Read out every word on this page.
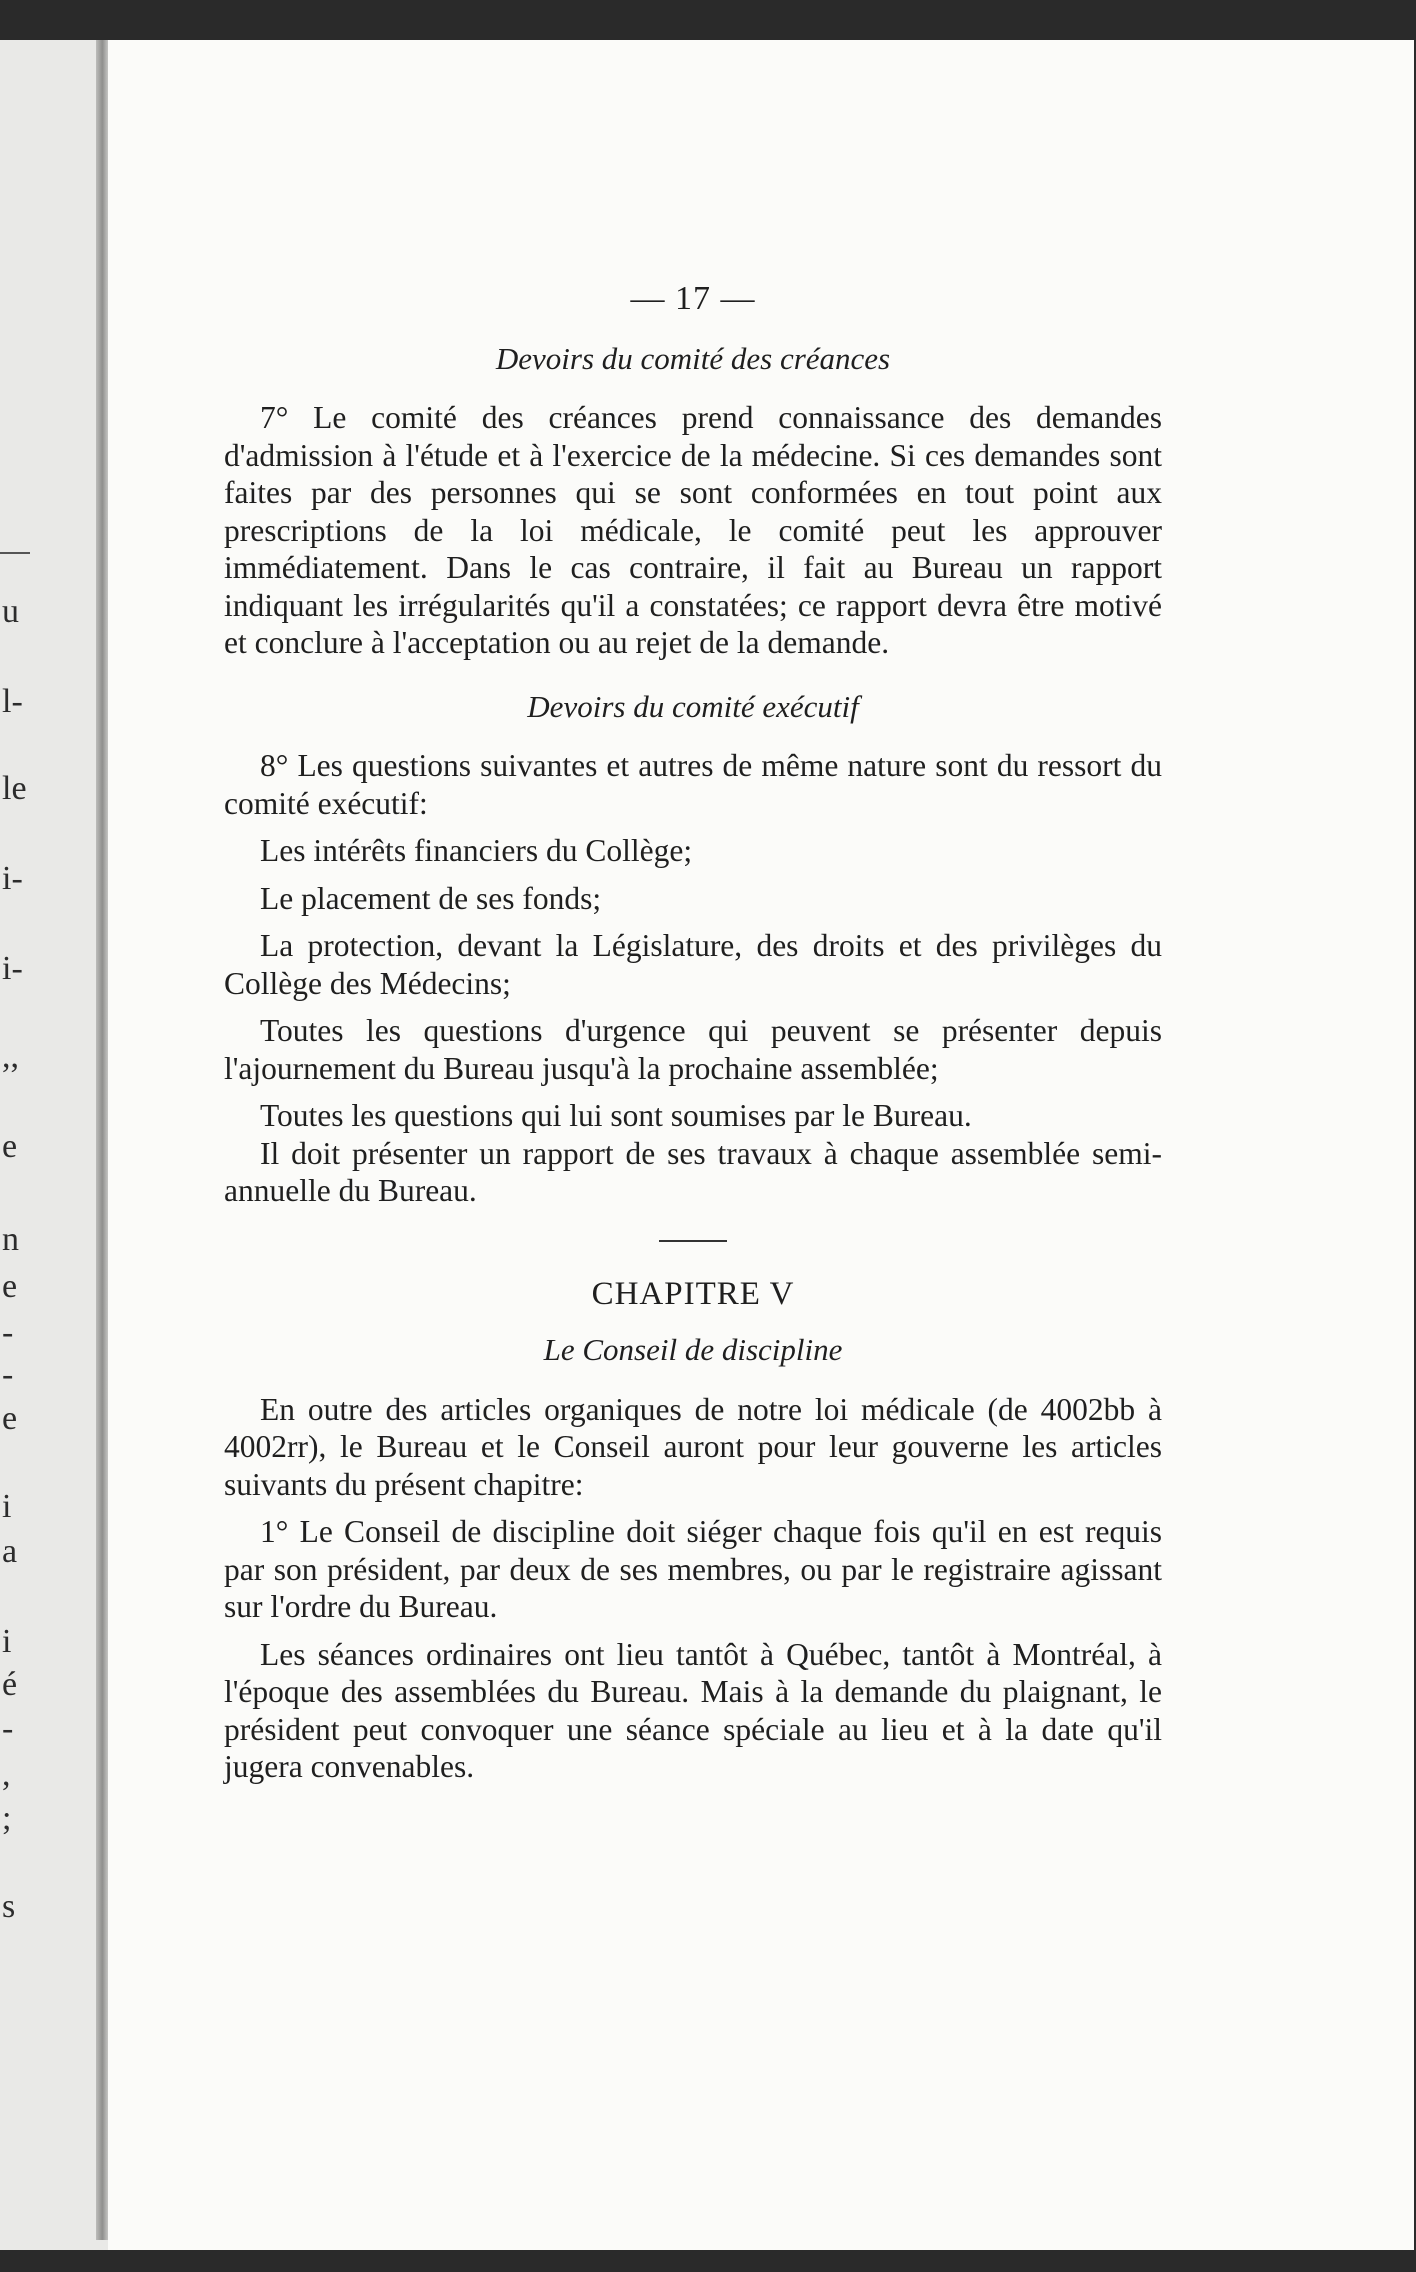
u
l-
le
i-
i-
,,
e
n
e
-
-
e
i
a
i
é
-
,
;
s
— 17 —
Devoirs du comité des créances

7° Le comité des créances prend connaissance des demandes d'admission à l'étude et à l'exercice de la médecine. Si ces demandes sont faites par des personnes qui se sont conformées en tout point aux prescriptions de la loi médicale, le comité peut les approuver immédiatement. Dans le cas contraire, il fait au Bureau un rapport indiquant les irrégularités qu'il a constatées; ce rapport devra être motivé et conclure à l'acceptation ou au rejet de la demande.

Devoirs du comité exécutif

8° Les questions suivantes et autres de même nature sont du ressort du comité exécutif:

Les intérêts financiers du Collège;

Le placement de ses fonds;

La protection, devant la Législature, des droits et des privilèges du Collège des Médecins;

Toutes les questions d'urgence qui peuvent se présenter depuis l'ajournement du Bureau jusqu'à la prochaine assemblée;

Toutes les questions qui lui sont soumises par le Bureau.

Il doit présenter un rapport de ses travaux à chaque assemblée semi-annuelle du Bureau.

CHAPITRE V
Le Conseil de discipline

En outre des articles organiques de notre loi médicale (de 4002bb à 4002rr), le Bureau et le Conseil auront pour leur gouverne les articles suivants du présent chapitre:

1° Le Conseil de discipline doit siéger chaque fois qu'il en est requis par son président, par deux de ses membres, ou par le registraire agissant sur l'ordre du Bureau.

Les séances ordinaires ont lieu tantôt à Québec, tantôt à Montréal, à l'époque des assemblées du Bureau. Mais à la demande du plaignant, le président peut convoquer une séance spéciale au lieu et à la date qu'il jugera convenables.
